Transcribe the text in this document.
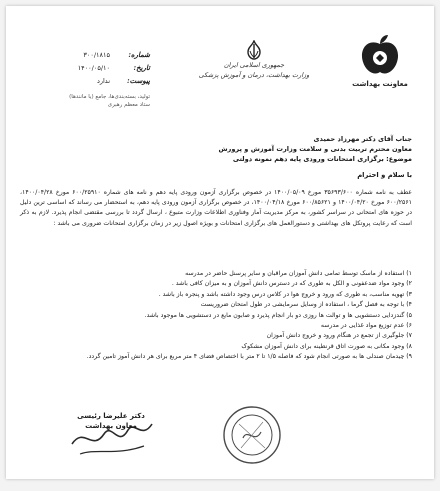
معاونت بهداشت
جمهوری اسلامی ایران
وزارت بهداشت، درمان و آموزش پزشکی
شماره:
۳۰۰/۱۸۱۵
تاریخ:
۱۴۰۰/۰۵/۱۰
پیوست:
ندارد
تولید، بسته‌بندی‌ها، جامع (یا مانند‌ها)
ستاد معظم رهبری
جناب آقای دکتر مهرزاد حمیدی
معاون محترم تربیت بدنی و سلامت وزارت آموزش و پرورش
موضوع: برگزاری امتحانات ورودی پایه دهم نمونه دولتی
با سلام و احترام
عطف به نامه شماره ۳۵۶۹۳/۶۰۰ مورخ ۱۴۰۰/۰۵/۰۹ در خصوص برگزاری آزمون ورودی پایه دهم و نامه های شماره ۶۰۰/۲۵۹۱۰ مورخ ۱۴۰۰/۰۴/۲۸، ۶۰۰/۲۵۶۱ مورخ ۱۴۰۰/۰۴/۲۰ و ۶۰۰/۸۵۶۲۱ مورخ ۱۴۰۰/۰۴/۱۸، در خصوص برگزاری آزمون ورودی پایه دهم، به استحضار می رساند که اساسی ترین دلیل در حوزه های امتحانی در سراسر کشور، به مرکز مدیریت آمار وفناوری اطلاعات وزارت متبوع ، ارسال گردد تا بررسی مقتضی انجام پذیرد. لازم به ذکر است که رعایت پروتکل های بهداشتی و دستورالعمل های برگزاری امتحانات و بویژه اصول زیر در زمان برگزاری امتحانات ضروری می باشد :
۱) استفاده از ماسک توسط تمامی دانش آموزان مراقبان و سایر پرسنل حاضر در مدرسه
۲) وجود مواد ضدعفونی و الکل به طوری که در دسترس دانش آموزان و به میزان کافی باشد .
۳) تهویه مناسب، به طوری که ورود و خروج هوا در کلاس درس وجود داشته باشد و پنجره باز باشد .
۴) با توجه به فصل گرما ، استفاده از وسایل سرمایشی در طول امتحان ضروریست
۵) گندزدایی دستشویی ها و توالت ها روزی دو بار انجام پذیرد و صابون مایع در دستشویی ها موجود باشد.
۶) عدم توزیع مواد غذایی در مدرسه
۷) جلوگیری از تجمع در هنگام ورود و خروج دانش آموزان
۸) وجود مکانی به صورت اتاق قرنطینه برای دانش آموزان مشکوک
۹) چیدمان صندلی ها به صورتی انجام شود که فاصله ۱/۵ تا ۲ متر با اختصاص فضای ۴ متر مربع برای هر دانش آموز تامین گردد.
دکتر علیرضا رئیسی
معاون بهداشت
